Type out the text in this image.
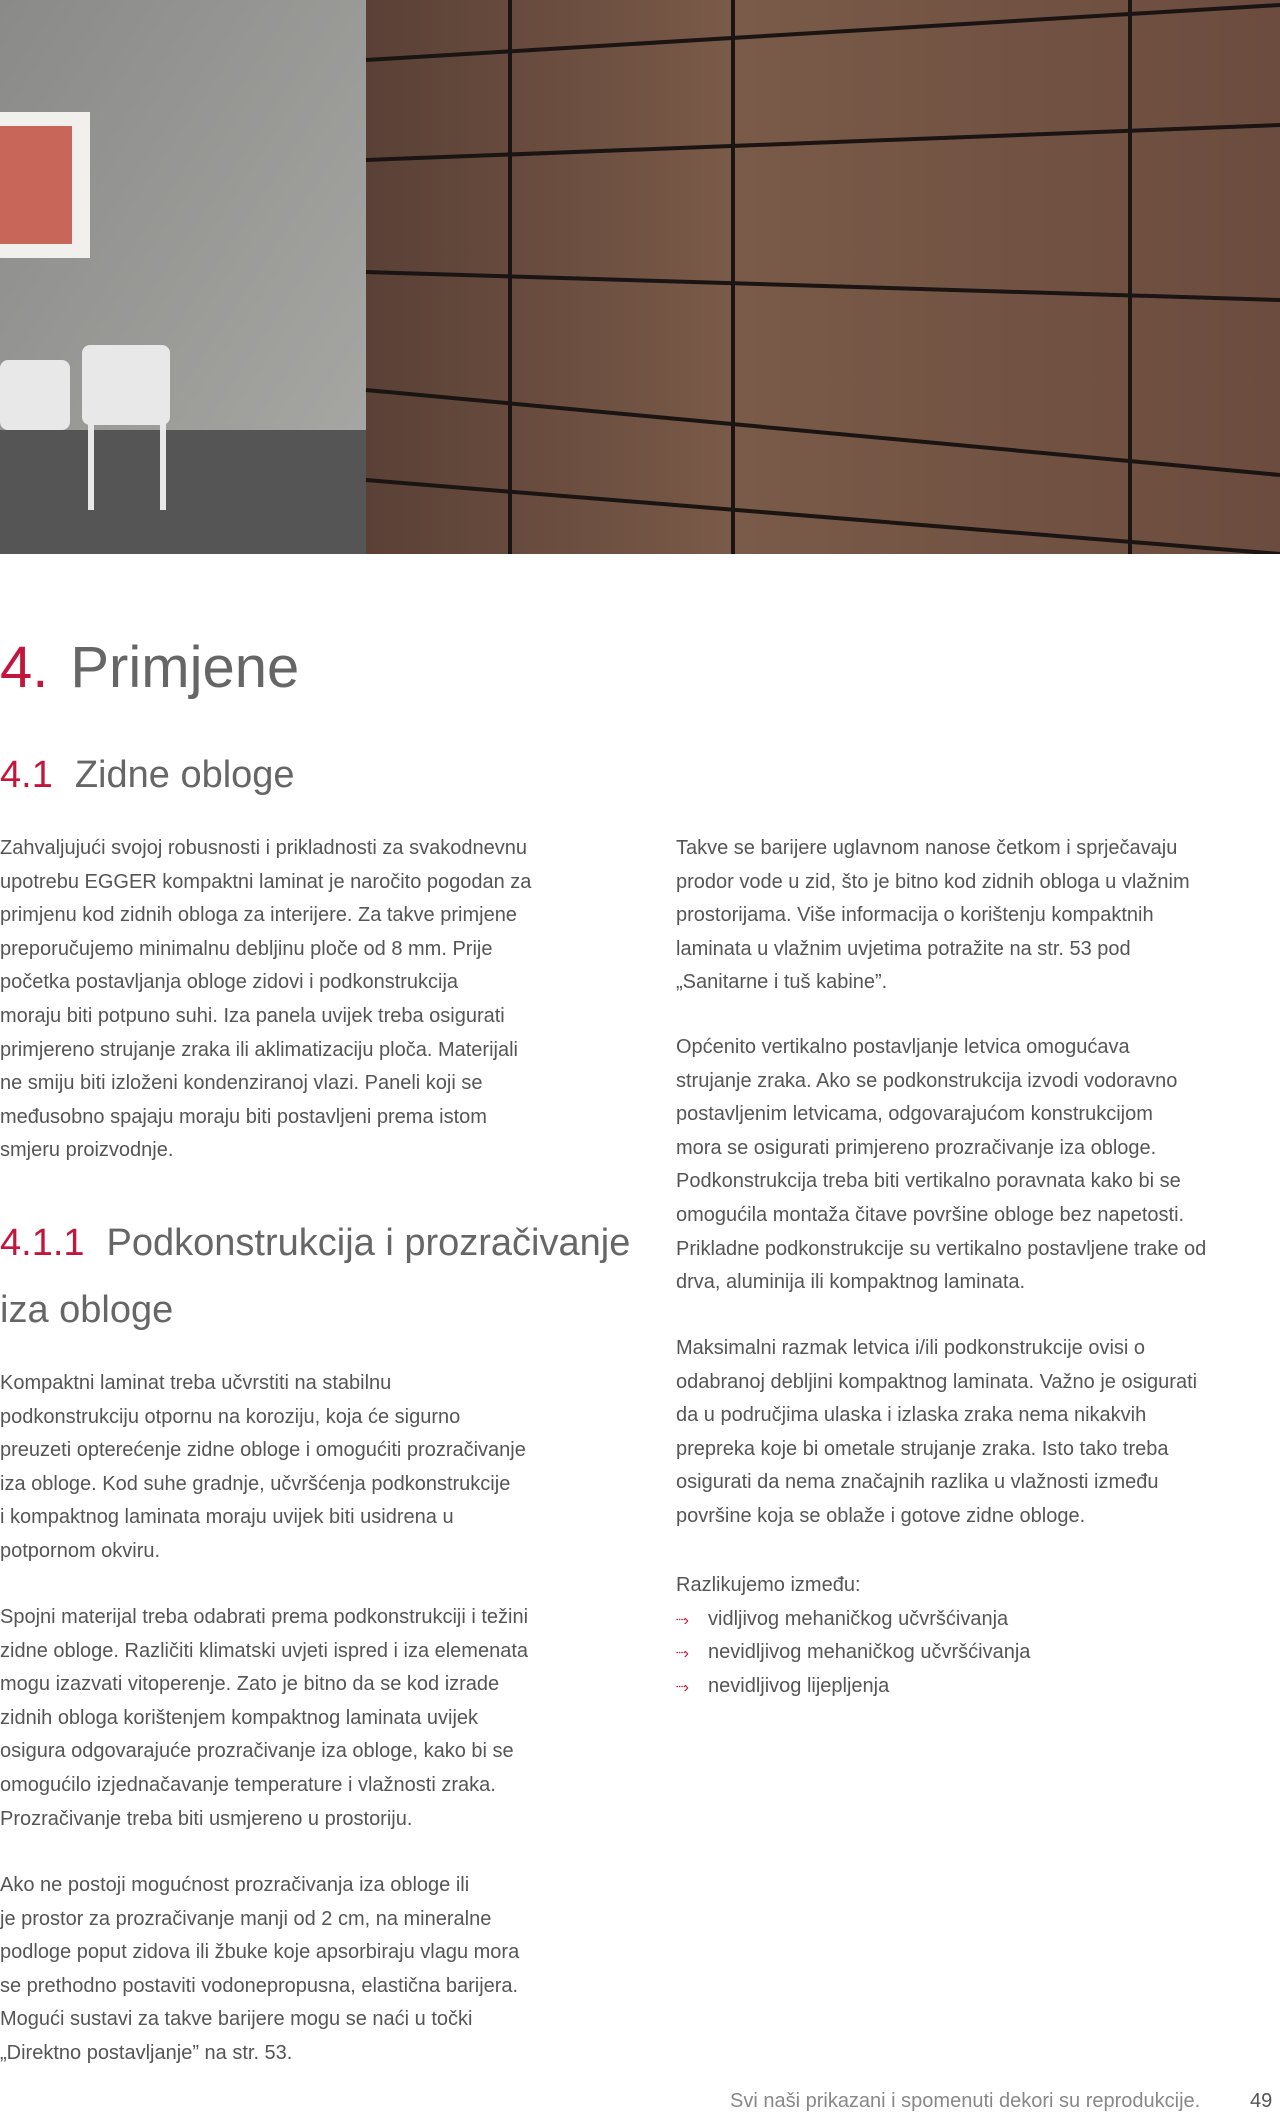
4. Primjene
4.1 Zidne obloge
4.1.1 Podkonstrukcija i prozračivanje
iza obloge
Zahvaljujući svojoj robusnosti i prikladnosti za svakodnevnu
upotrebu EGGER kompaktni laminat je naročito pogodan za
primjenu kod zidnih obloga za interijere. Za takve primjene
preporučujemo minimalnu debljinu ploče od 8 mm. Prije
početka postavljanja obloge zidovi i podkonstrukcija
moraju biti potpuno suhi. Iza panela uvijek treba osigurati
primjereno strujanje zraka ili aklimatizaciju ploča. Materijali
ne smiju biti izloženi kondenziranoj vlazi. Paneli koji se
međusobno spajaju moraju biti postavljeni prema istom
smjeru proizvodnje.
Kompaktni laminat treba učvrstiti na stabilnu
podkonstrukciju otpornu na koroziju, koja će sigurno
preuzeti opterećenje zidne obloge i omogućiti prozračivanje
iza obloge. Kod suhe gradnje, učvršćenja podkonstrukcije
i kompaktnog laminata moraju uvijek biti usidrena u
potpornom okviru.
Spojni materijal treba odabrati prema podkonstrukciji i težini
zidne obloge. Različiti klimatski uvjeti ispred i iza elemenata
mogu izazvati vitoperenje. Zato je bitno da se kod izrade
zidnih obloga korištenjem kompaktnog laminata uvijek
osigura odgovarajuće prozračivanje iza obloge, kako bi se
omogućilo izjednačavanje temperature i vlažnosti zraka.
Prozračivanje treba biti usmjereno u prostoriju.
Ako ne postoji mogućnost prozračivanja iza obloge ili
je prostor za prozračivanje manji od 2 cm, na mineralne
podloge poput zidova ili žbuke koje apsorbiraju vlagu mora
se prethodno postaviti vodonepropusna, elastična barijera.
Mogući sustavi za takve barijere mogu se naći u točki
„Direktno postavljanje” na str. 53.
Takve se barijere uglavnom nanose četkom i sprječavaju
prodor vode u zid, što je bitno kod zidnih obloga u vlažnim
prostorijama. Više informacija o korištenju kompaktnih
laminata u vlažnim uvjetima potražite na str. 53 pod
„Sanitarne i tuš kabine”.
Općenito vertikalno postavljanje letvica omogućava
strujanje zraka. Ako se podkonstrukcija izvodi vodoravno
postavljenim letvicama, odgovarajućom konstrukcijom
mora se osigurati primjereno prozračivanje iza obloge.
Podkonstrukcija treba biti vertikalno poravnata kako bi se
omogućila montaža čitave površine obloge bez napetosti.
Prikladne podkonstrukcije su vertikalno postavljene trake od
drva, aluminija ili kompaktnog laminata.
Maksimalni razmak letvica i/ili podkonstrukcije ovisi o
odabranoj debljini kompaktnog laminata. Važno je osigurati
da u područjima ulaska i izlaska zraka nema nikakvih
prepreka koje bi ometale strujanje zraka. Isto tako treba
osigurati da nema značajnih razlika u vlažnosti između
površine koja se oblaže i gotove zidne obloge.
Razlikujemo između:
┈› vidljivog mehaničkog učvršćivanja
┈› nevidljivog mehaničkog učvršćivanja
┈› nevidljivog lijepljenja
Svi naši prikazani i spomenuti dekori su reprodukcije. 49
